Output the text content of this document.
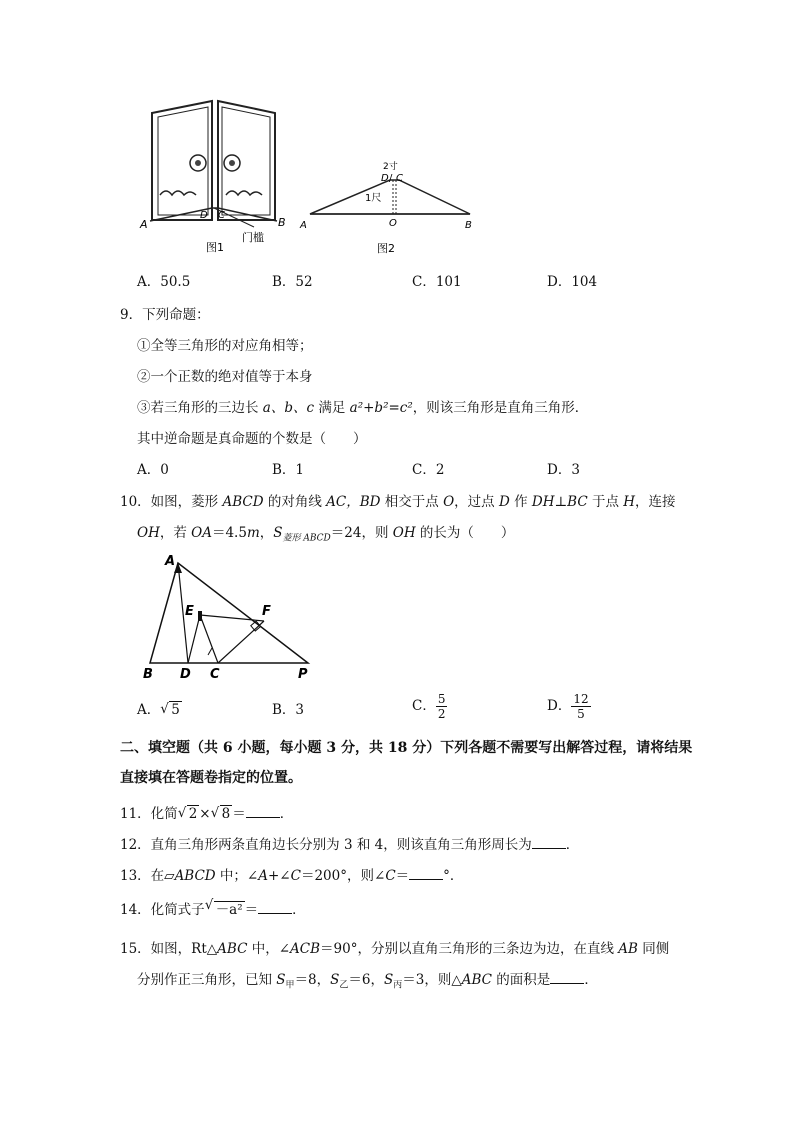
A	B
D C
门槛
图1
2寸
D / C
1尺
O
A	B
图2
A．50.5	B．52	C．101	D．104
9．下列命题：
①全等三角形的对应角相等；
②一个正数的绝对值等于本身
③若三角形的三边长 a、b、c 满足 a²+b²=c²，则该三角形是直角三角形．
其中逆命题是真命题的个数是（　　）
A．0	B．1	C．2	D．3
10．如图，菱形 ABCD 的对角线 AC，BD 相交于点 O，过点 D 作 DH⊥BC 于点 H，连接
OH，若 OA＝4.5m，$S_{菱形 ABCD}=24$，则 OH 的长为（　　）
A
E	F
B D C	P
A． √ 5	B．3	C． $\frac{5}{2}$	D． $\frac{12}{5}$
二、填空题（共 6 小题，每小题 3 分，共 18 分）下列各题不需要写出解答过程，请将结果
直接填在答题卷指定的位置。
11．化简 √ 2 × √ 8 ＝	．
12．直角三角形两条直角边长分别为 3 和 4，则该直角三角形周长为	．
13．在▱ABCD 中；∠A+∠C＝200°，则∠C＝	°．
14．化简式子 √ －a² ＝	．
15．如图，Rt△ABC 中，∠ACB＝90°，分别以直角三角形的三条边为边，在直线 AB 同侧
分别作正三角形，已知 $S_甲=8$，$S_乙=6$，$S_丙=3$，则△ABC 的面积是	．
